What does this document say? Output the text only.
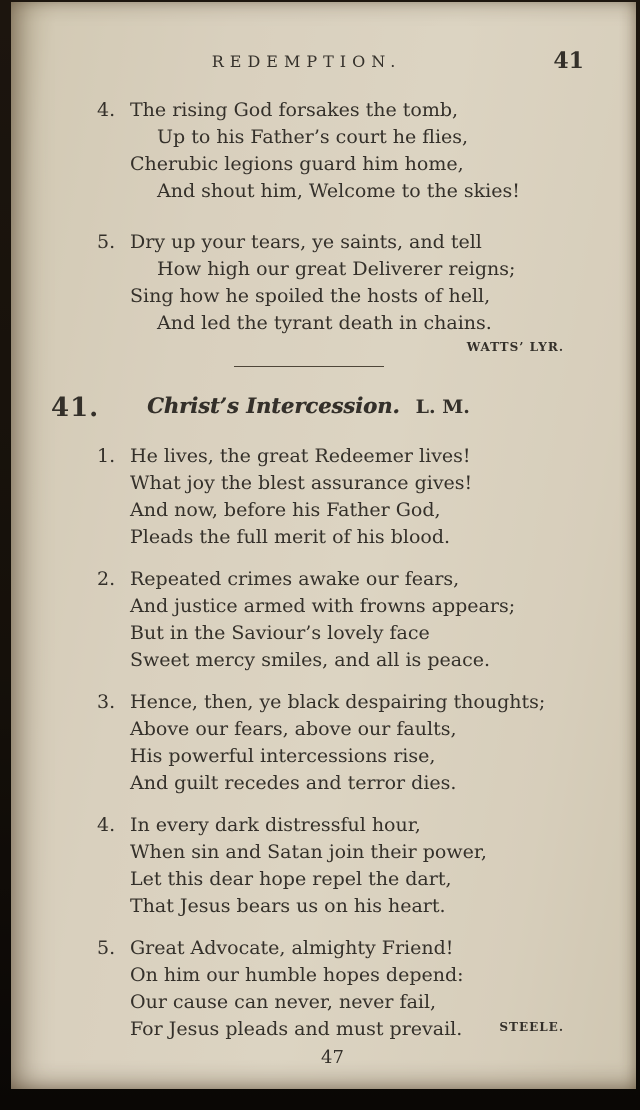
REDEMPTION.	41
4. The rising God forsakes the tomb,
Up to his Father’s court he flies,
Cherubic legions guard him home,
And shout him, Welcome to the skies!
5. Dry up your tears, ye saints, and tell
How high our great Deliverer reigns;
Sing how he spoiled the hosts of hell,
And led the tyrant death in chains.
WATTS’ LYR.
41. Christ’s Intercession. L. M.
1. He lives, the great Redeemer lives!
What joy the blest assurance gives!
And now, before his Father God,
Pleads the full merit of his blood.
2. Repeated crimes awake our fears,
And justice armed with frowns appears;
But in the Saviour’s lovely face
Sweet mercy smiles, and all is peace.
3. Hence, then, ye black despairing thoughts;
Above our fears, above our faults,
His powerful intercessions rise,
And guilt recedes and terror dies.
4. In every dark distressful hour,
When sin and Satan join their power,
Let this dear hope repel the dart,
That Jesus bears us on his heart.
5. Great Advocate, almighty Friend!
On him our humble hopes depend:
Our cause can never, never fail,
For Jesus pleads and must prevail.	STEELE.
47
